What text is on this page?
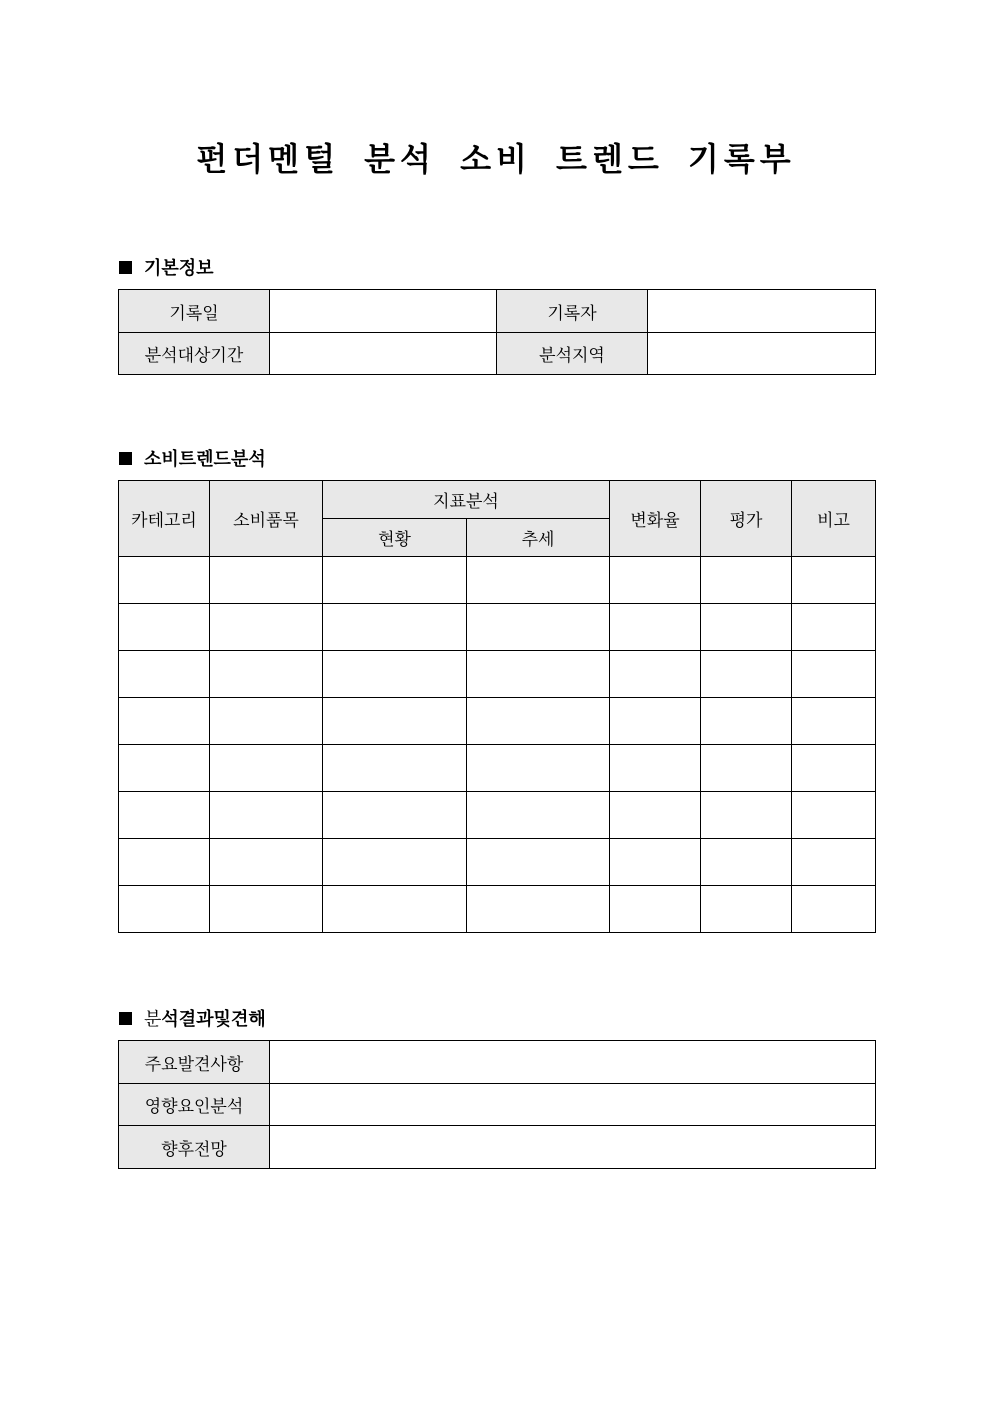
펀더멘털 분석 소비 트렌드 기록부
기본정보
기록일		기록자	
분석대상기간		분석지역	
소비트렌드분석
카테고리	소비품목	지표분석		변화율	평가	비고
		현황	추세			

분 석결과및견해
주요발견사항	
영향요인분석	
향후전망	
